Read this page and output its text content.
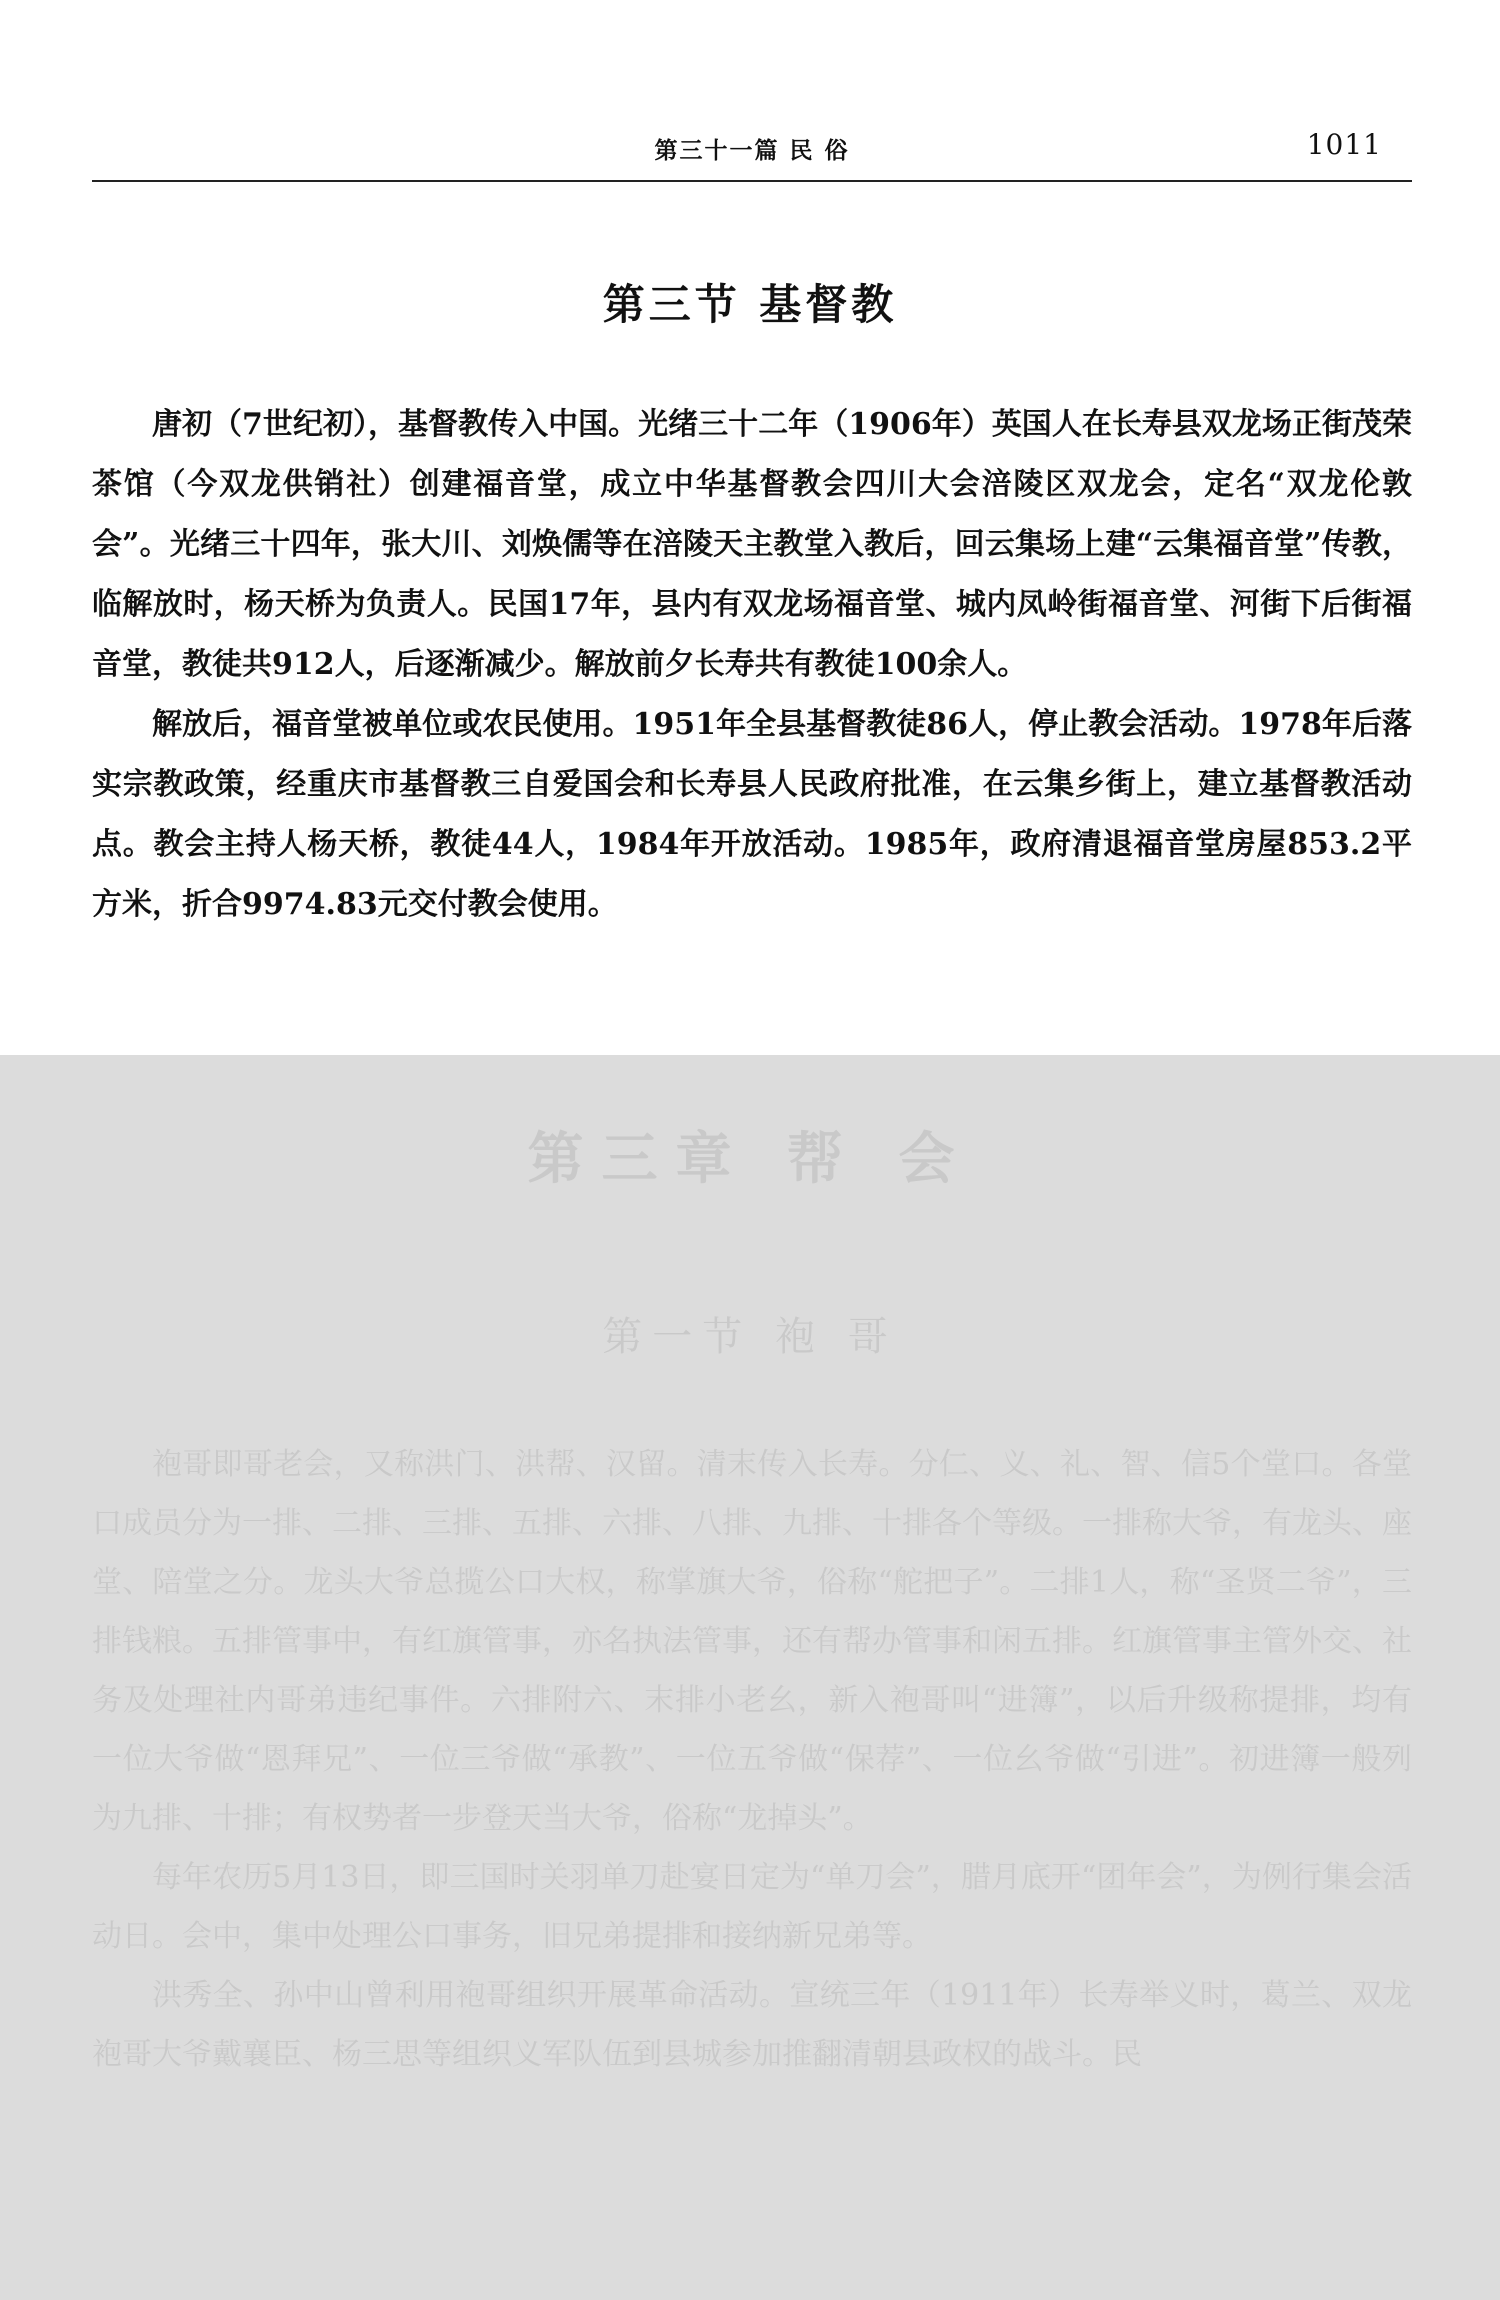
第三十一篇 民 俗	1011
第三节 基督教

唐初（7世纪初），基督教传入中国。光绪三十二年（1906年）英国人在长寿县双龙场正街茂荣茶馆（今双龙供销社）创建福音堂，成立中华基督教会四川大会涪陵区双龙会，定名“双龙伦敦会”。光绪三十四年，张大川、刘焕儒等在涪陵天主教堂入教后，回云集场上建“云集福音堂”传教，临解放时，杨天桥为负责人。民国17年，县内有双龙场福音堂、城内凤岭街福音堂、河街下后街福音堂，教徒共912人，后逐渐减少。解放前夕长寿共有教徒100余人。

解放后，福音堂被单位或农民使用。1951年全县基督教徒86人，停止教会活动。1978年后落实宗教政策，经重庆市基督教三自爱国会和长寿县人民政府批准，在云集乡街上，建立基督教活动点。教会主持人杨天桥，教徒44人，1984年开放活动。1985年，政府清退福音堂房屋853.2平方米，折合9974.83元交付教会使用。

第三章 帮 会
第一节 袍 哥

袍哥即哥老会，又称洪门、洪帮、汉留。清末传入长寿。分仁、义、礼、智、信5个堂口。各堂口成员分为一排、二排、三排、五排、六排、八排、九排、十排各个等级。一排称大爷，有龙头、座堂、陪堂之分。龙头大爷总揽公口大权，称掌旗大爷，俗称“舵把子”。二排1人，称“圣贤二爷”，三排钱粮。五排管事中，有红旗管事，亦名执法管事，还有帮办管事和闲五排。红旗管事主管外交、社务及处理社内哥弟违纪事件。六排附六、末排小老幺，新入袍哥叫“进簿”，以后升级称提排，均有一位大爷做“恩拜兄”、一位三爷做“承教”、一位五爷做“保荐”、一位幺爷做“引进”。初进簿一般列为九排、十排；有权势者一步登天当大爷，俗称“龙掉头”。

每年农历5月13日，即三国时关羽单刀赴宴日定为“单刀会”，腊月底开“团年会”，为例行集会活动日。会中，集中处理公口事务，旧兄弟提排和接纳新兄弟等。

洪秀全、孙中山曾利用袍哥组织开展革命活动。宣统三年（1911年）长寿举义时，葛兰、双龙袍哥大爷戴襄臣、杨三思等组织义军队伍到县城参加推翻清朝县政权的战斗。民
